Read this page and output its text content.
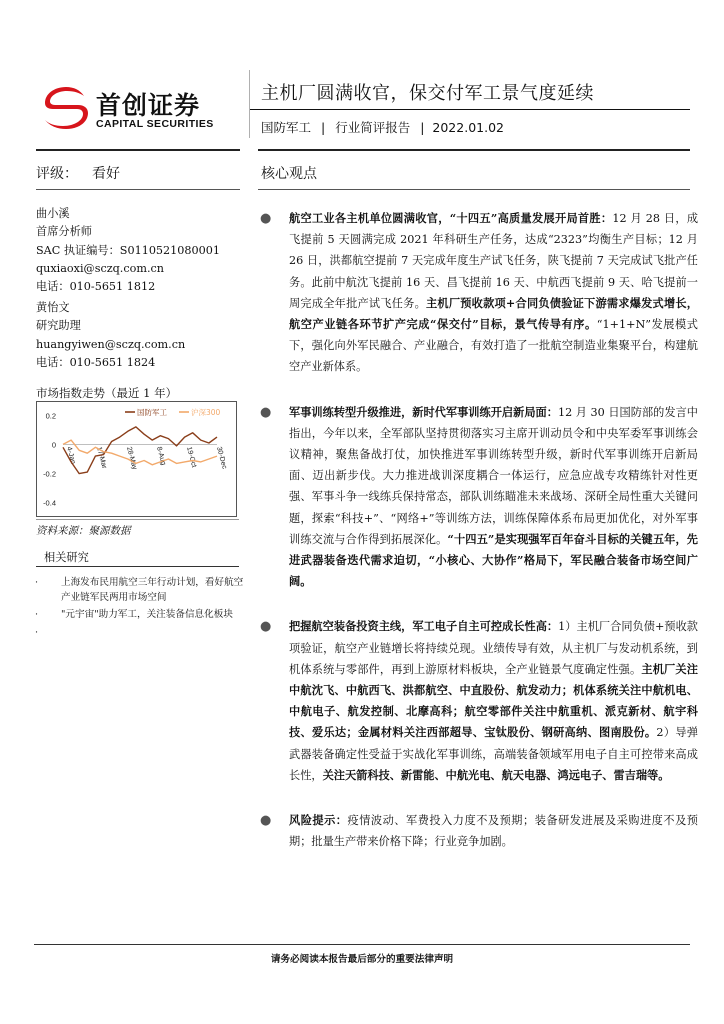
首创证券
CAPITAL SECURITIES
主机厂圆满收官，保交付军工景气度延续
国防军工 | 行业简评报告 | 2022.01.02
评级： 看好
曲小溪
首席分析师
SAC 执证编号：S0110521080001
quxiaoxi@sczq.com.cn
电话：010-5651 1812
黄怡文
研究助理
huangyiwen@sczq.com.cn
电话：010-5651 1824
市场指数走势（最近 1 年）
0.2
0
-0.2
-0.4
4-Jan	17-Mar 28-May 8-Aug	19-Oct	30-Dec
国防军工	沪深300
资料来源：聚源数据
相关研究
· 上海发布民用航空三年行动计划，看好航空产业链军民两用市场空间
· "元宇宙"助力军工，关注装备信息化板块
·
核心观点
● 航空工业各主机单位圆满收官，“十四五”高质量发展开局首胜：12 月 28 日，成飞提前 5 天圆满完成 2021 年科研生产任务，达成“2323”均衡生产目标；12 月 26 日，洪都航空提前 7 天完成年度生产试飞任务，陕飞提前 7 天完成试飞批产任务。此前中航沈飞提前 16 天、昌飞提前 16 天、中航西飞提前 9 天、哈飞提前一周完成全年批产试飞任务。主机厂预收款项+合同负债验证下游需求爆发式增长，航空产业链各环节扩产完成“保交付”目标，景气传导有序。“1+1+N”发展模式下，强化向外军民融合、产业融合，有效打造了一批航空制造业集聚平台，构建航空产业新体系。
● 军事训练转型升级推进，新时代军事训练开启新局面：12 月 30 日国防部的发言中指出，今年以来，全军部队坚持贯彻落实习主席开训动员令和中央军委军事训练会议精神，聚焦备战打仗，加快推进军事训练转型升级，新时代军事训练开启新局面、迈出新步伐。大力推进战训深度耦合一体运行，应急应战专攻精练针对性更强、军事斗争一线练兵保持常态，部队训练瞄准未来战场、深研全局性重大关键问题，探索“科技+”、“网络+”等训练方法，训练保障体系布局更加优化，对外军事训练交流与合作得到拓展深化。“十四五”是实现强军百年奋斗目标的关键五年，先进武器装备迭代需求迫切，“小核心、大协作”格局下，军民融合装备市场空间广阔。
● 把握航空装备投资主线，军工电子自主可控成长性高：1）主机厂合同负债+预收款项验证，航空产业链增长将持续兑现。业绩传导有效，从主机厂与发动机系统，到机体系统与零部件，再到上游原材料板块，全产业链景气度确定性强。主机厂关注中航沈飞、中航西飞、洪都航空、中直股份、航发动力；机体系统关注中航机电、中航电子、航发控制、北摩高科；航空零部件关注中航重机、派克新材、航宇科技、爱乐达；金属材料关注西部超导、宝钛股份、钢研高纳、图南股份。2）导弹武器装备确定性受益于实战化军事训练，高端装备领域军用电子自主可控带来高成长性，关注天箭科技、新雷能、中航光电、航天电器、鸿远电子、雷吉瑞等。
● 风险提示：疫情波动、军费投入力度不及预期；装备研发进展及采购进度不及预期；批量生产带来价格下降；行业竞争加剧。
请务必阅读本报告最后部分的重要法律声明
